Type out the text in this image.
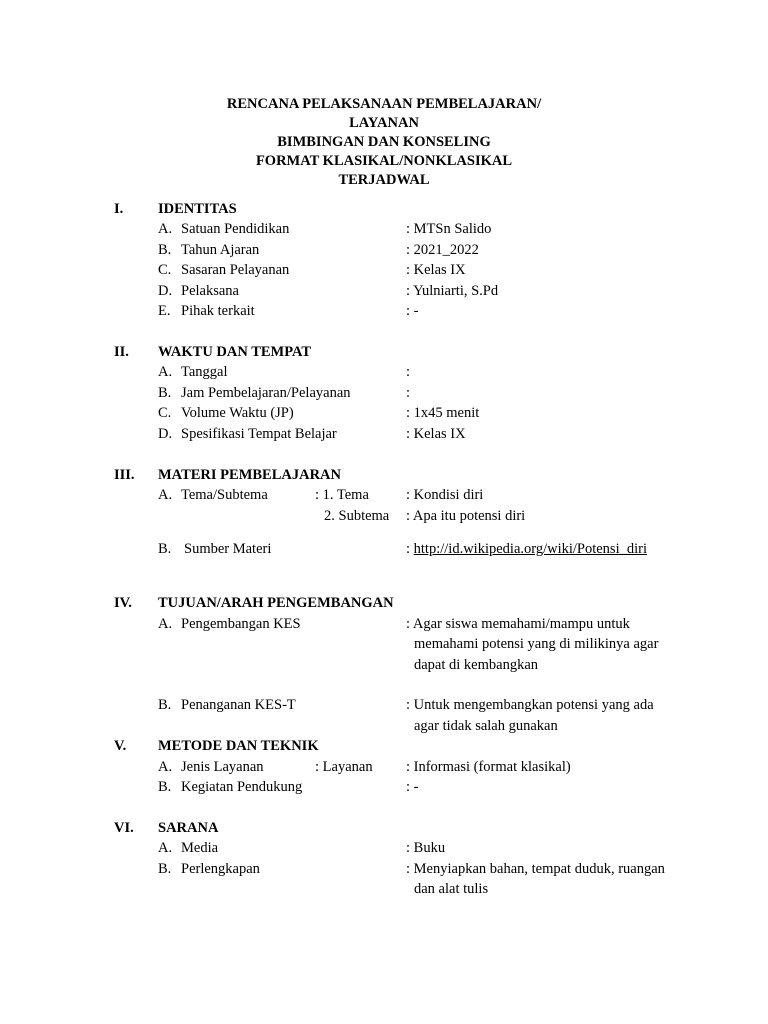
RENCANA PELAKSANAAN PEMBELAJARAN/
LAYANAN
BIMBINGAN DAN KONSELING
FORMAT KLASIKAL/NONKLASIKAL
TERJADWAL
I. IDENTITAS
A. Satuan Pendidikan	: MTSn Salido
B. Tahun Ajaran	: 2021_2022
C. Sasaran Pelayanan	: Kelas IX
D. Pelaksana	: Yulniarti, S.Pd
E. Pihak terkait	: -
II. WAKTU DAN TEMPAT
A. Tanggal	:
B. Jam Pembelajaran/Pelayanan	:
C. Volume Waktu (JP)	: 1x45 menit
D. Spesifikasi Tempat Belajar	: Kelas IX
III. MATERI PEMBELAJARAN
A. Tema/Subtema	: 1. Tema	: Kondisi diri
2. Subtema : Apa itu potensi diri
B. Sumber Materi	: http://id.wikipedia.org/wiki/Potensi_diri
IV. TUJUAN/ARAH PENGEMBANGAN
A. Pengembangan KES	: Agar siswa memahami/mampu untuk
memahami potensi yang di milikinya agar
dapat di kembangkan
B. Penanganan KES-T	: Untuk mengembangkan potensi yang ada
agar tidak salah gunakan
V. METODE DAN TEKNIK
A. Jenis Layanan	: Layanan : Informasi (format klasikal)
B. Kegiatan Pendukung	: -
VI. SARANA
A. Media	: Buku
B. Perlengkapan	: Menyiapkan bahan, tempat duduk, ruangan
dan alat tulis
